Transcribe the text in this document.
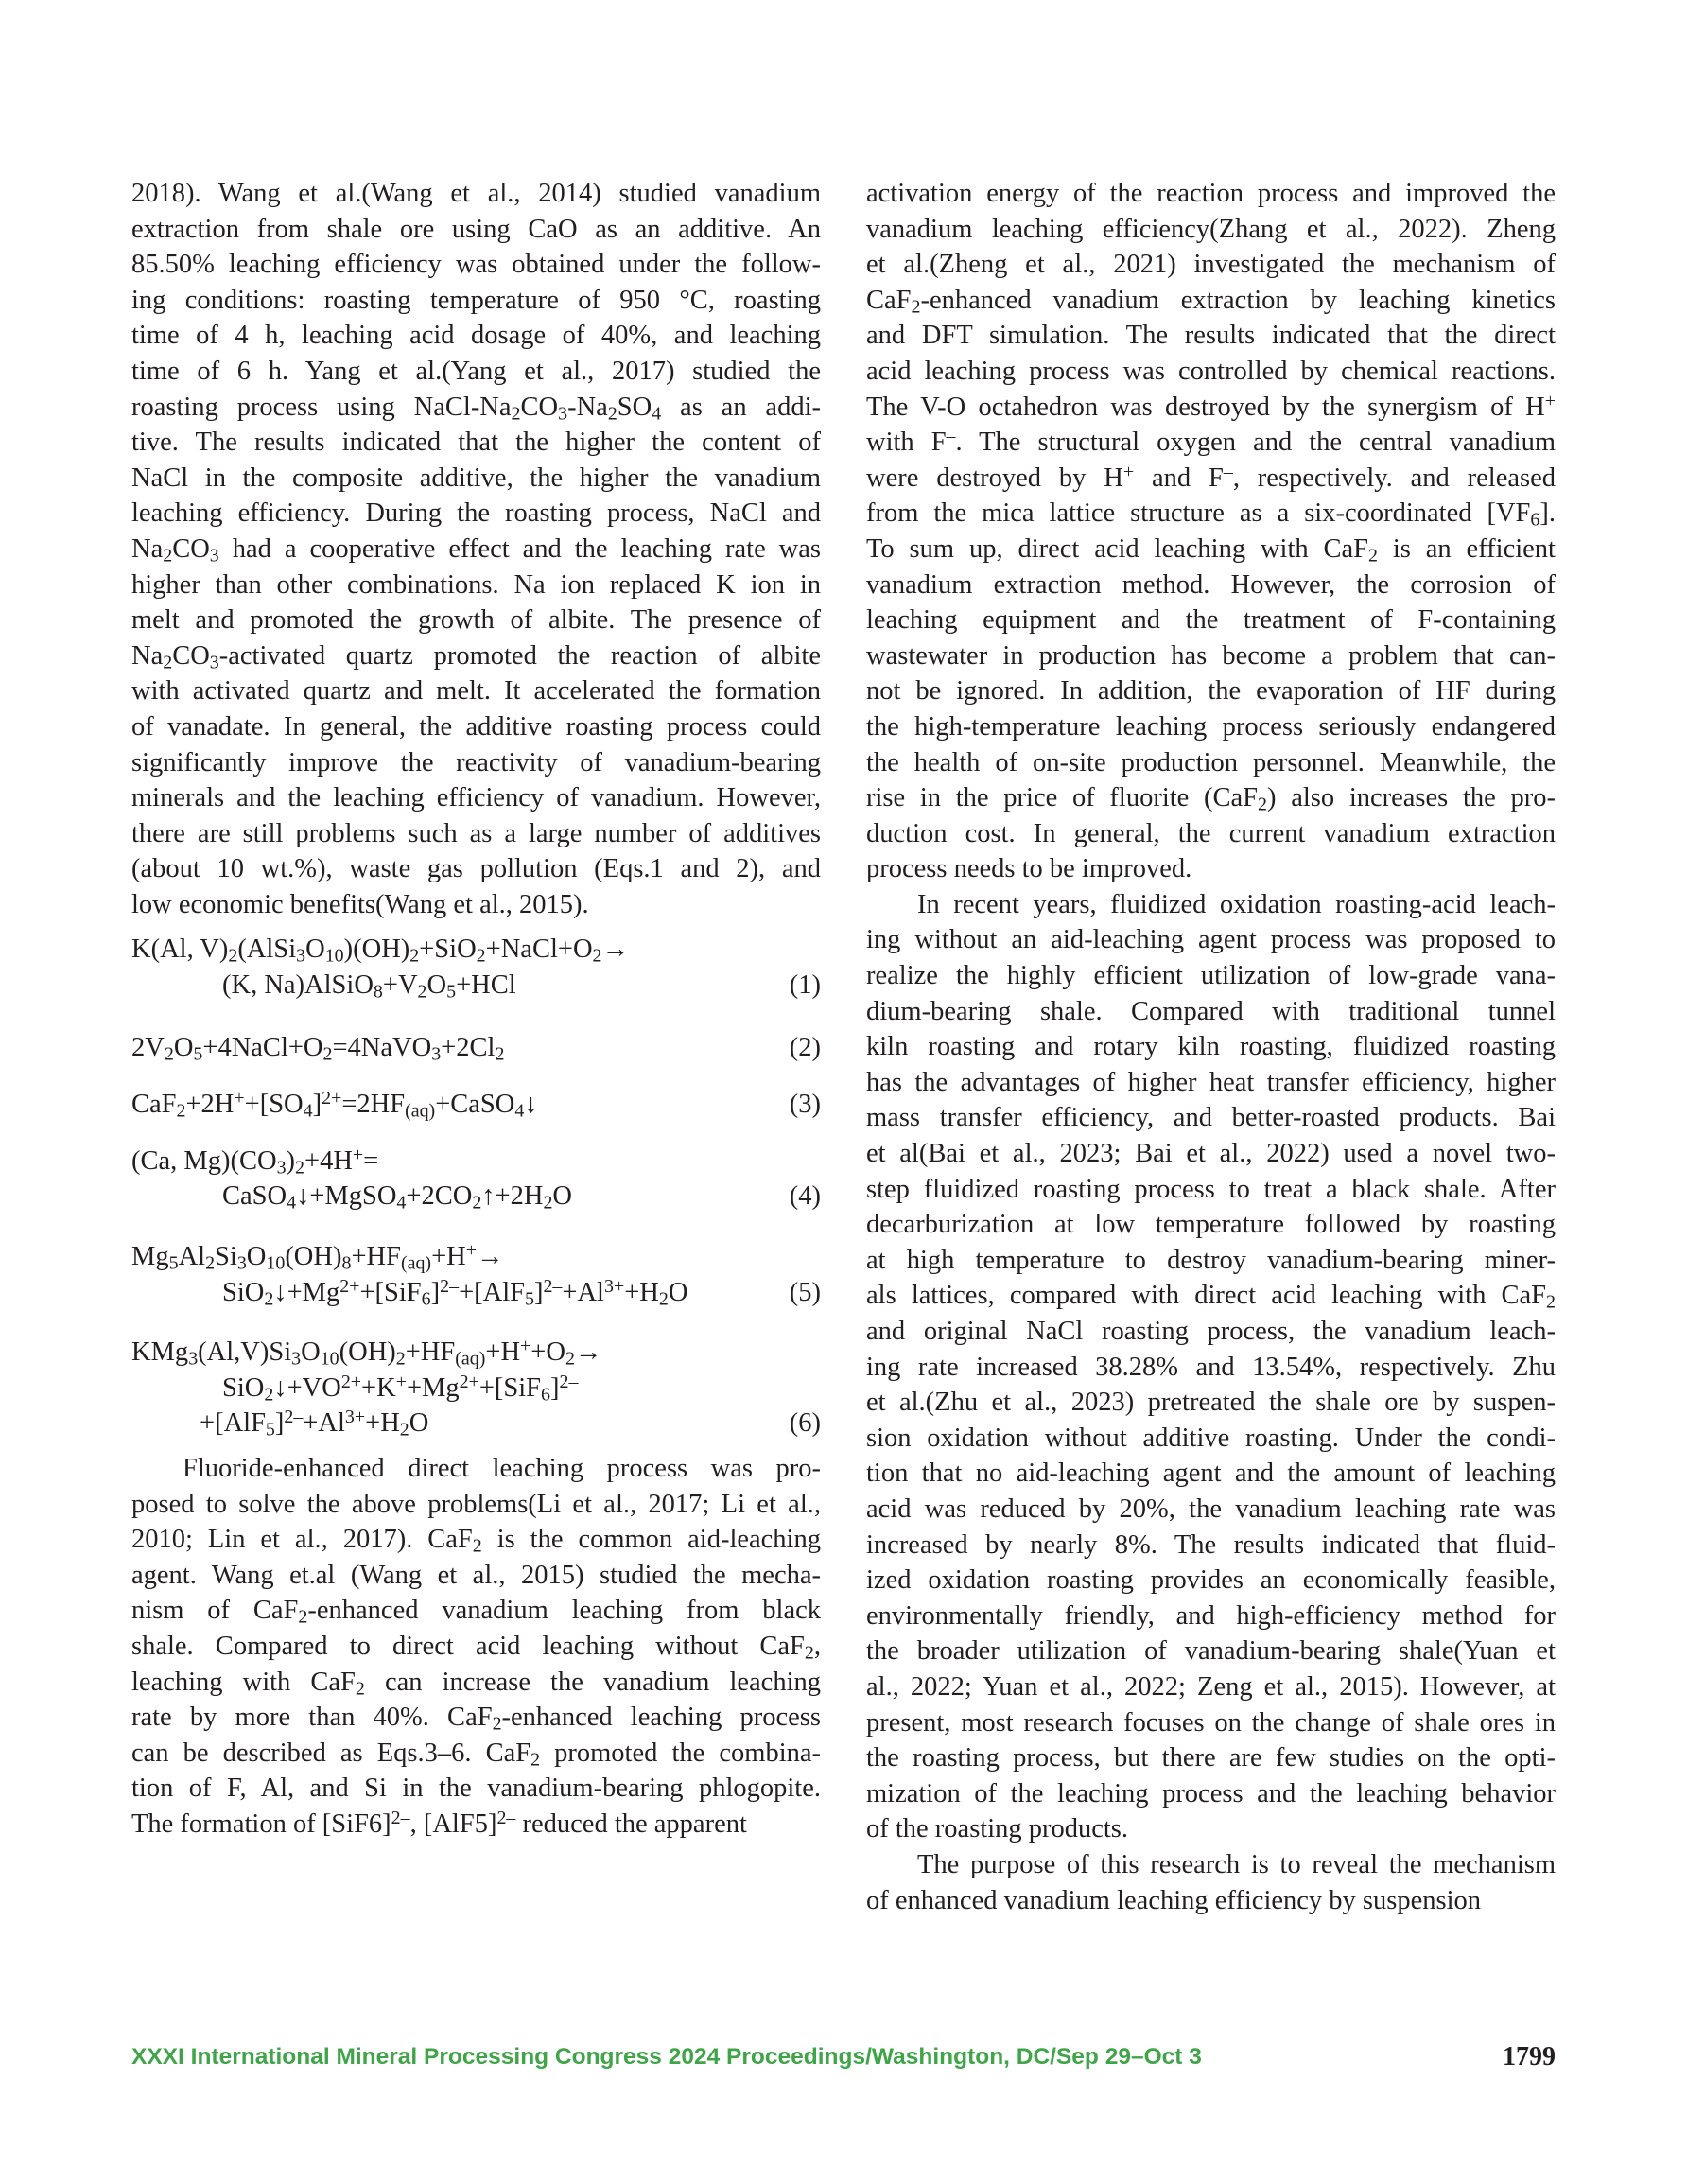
2018). Wang et al.(Wang et al., 2014) studied vanadium
extraction from shale ore using CaO as an additive. An
85.50% leaching efficiency was obtained under the follow-
ing conditions: roasting temperature of 950 °C, roasting
time of 4 h, leaching acid dosage of 40%, and leaching
time of 6 h. Yang et al.(Yang et al., 2017) studied the
roasting process using NaCl-$Na_2CO_3-Na_2SO_4$ as an addi-
tive. The results indicated that the higher the content of
NaCl in the composite additive, the higher the vanadium
leaching efficiency. During the roasting process, NaCl and
$Na_2CO_3$ had a cooperative effect and the leaching rate was
higher than other combinations. Na ion replaced K ion in
melt and promoted the growth of albite. The presence of
$Na_2CO_3$-activated quartz promoted the reaction of albite
with activated quartz and melt. It accelerated the formation
of vanadate. In general, the additive roasting process could
significantly improve the reactivity of vanadium-bearing
minerals and the leaching efficiency of vanadium. However,
there are still problems such as a large number of additives
(about 10 wt.%), waste gas pollution (Eqs.1 and 2), and
low economic benefits(Wang et al., 2015).
K(Al, $V)_2(AlSi_3O_{10})(OH)_2+SiO_2+NaCl+O_2\to$
(K, $Na)AlSiO_8+V_2O_5+HCl$	(1)
$2V_2O_5+4NaCl+O_2=4NaVO_3+2Cl_2$	(2)
$CaF_2+2H^++[SO_4]^{2+}=2HF_{(aq)}+CaSO_4↓$	(3)
(Ca, $Mg)(CO_3)_2+4H^+=$
$CaSO_4↓+MgSO_4+2CO_2↑+2H_2O$	(4)
$Mg_5Al_2Si_3O_{10}(OH)_8+HF_{(aq)}+H^+\to$
$SiO_2↓+Mg^{2+}+[SiF_6]^{2-}+[AlF_5]^{2-}+Al^{3+}+H_2O$	(5)
$KMg_3(Al,V)Si_3O_{10}(OH)_2+HF_{(aq)}+H^++O_2\to$
$SiO_2↓+VO^{2+}+K^++Mg^{2+}+[SiF_6]^{2-}$
$+[AlF_5]^{2-}+Al^{3+}+H_2O$	(6)
Fluoride-enhanced direct leaching process was pro-
posed to solve the above problems(Li et al., 2017; Li et al.,
2010; Lin et al., 2017). CaF$_2$ is the common aid-leaching
agent. Wang et.al (Wang et al., 2015) studied the mecha-
nism of CaF$_2$-enhanced vanadium leaching from black
shale. Compared to direct acid leaching without CaF$_2$,
leaching with CaF$_2$ can increase the vanadium leaching
rate by more than 40%. CaF$_2$-enhanced leaching process
can be described as Eqs.3–6. CaF$_2$ promoted the combina-
tion of F, Al, and Si in the vanadium-bearing phlogopite.
The formation of $[SiF6]^{2-}$, $[AlF5]^{2-}$ reduced the apparent
activation energy of the reaction process and improved the
vanadium leaching efficiency(Zhang et al., 2022). Zheng
et al.(Zheng et al., 2021) investigated the mechanism of
CaF$_2$-enhanced vanadium extraction by leaching kinetics
and DFT simulation. The results indicated that the direct
acid leaching process was controlled by chemical reactions.
The V-O octahedron was destroyed by the synergism of H+
with F–. The structural oxygen and the central vanadium
were destroyed by H+ and F–, respectively. and released
from the mica lattice structure as a six-coordinated $[VF_6]$.
To sum up, direct acid leaching with CaF$_2$ is an efficient
vanadium extraction method. However, the corrosion of
leaching equipment and the treatment of F-containing
wastewater in production has become a problem that can-
not be ignored. In addition, the evaporation of HF during
the high-temperature leaching process seriously endangered
the health of on-site production personnel. Meanwhile, the
rise in the price of fluorite (CaF$_2$) also increases the pro-
duction cost. In general, the current vanadium extraction
process needs to be improved.
In recent years, fluidized oxidation roasting-acid leach-
ing without an aid-leaching agent process was proposed to
realize the highly efficient utilization of low-grade vana-
dium-bearing shale. Compared with traditional tunnel
kiln roasting and rotary kiln roasting, fluidized roasting
has the advantages of higher heat transfer efficiency, higher
mass transfer efficiency, and better-roasted products. Bai
et al(Bai et al., 2023; Bai et al., 2022) used a novel two-
step fluidized roasting process to treat a black shale. After
decarburization at low temperature followed by roasting
at high temperature to destroy vanadium-bearing miner-
als lattices, compared with direct acid leaching with CaF$_2$
and original NaCl roasting process, the vanadium leach-
ing rate increased 38.28% and 13.54%, respectively. Zhu
et al.(Zhu et al., 2023) pretreated the shale ore by suspen-
sion oxidation without additive roasting. Under the condi-
tion that no aid-leaching agent and the amount of leaching
acid was reduced by 20%, the vanadium leaching rate was
increased by nearly 8%. The results indicated that fluid-
ized oxidation roasting provides an economically feasible,
environmentally friendly, and high-efficiency method for
the broader utilization of vanadium-bearing shale(Yuan et
al., 2022; Yuan et al., 2022; Zeng et al., 2015). However, at
present, most research focuses on the change of shale ores in
the roasting process, but there are few studies on the opti-
mization of the leaching process and the leaching behavior
of the roasting products.
The purpose of this research is to reveal the mechanism
of enhanced vanadium leaching efficiency by suspension
XXXI International Mineral Processing Congress 2024 Proceedings/Washington, DC/Sep 29–Oct 3	1799
